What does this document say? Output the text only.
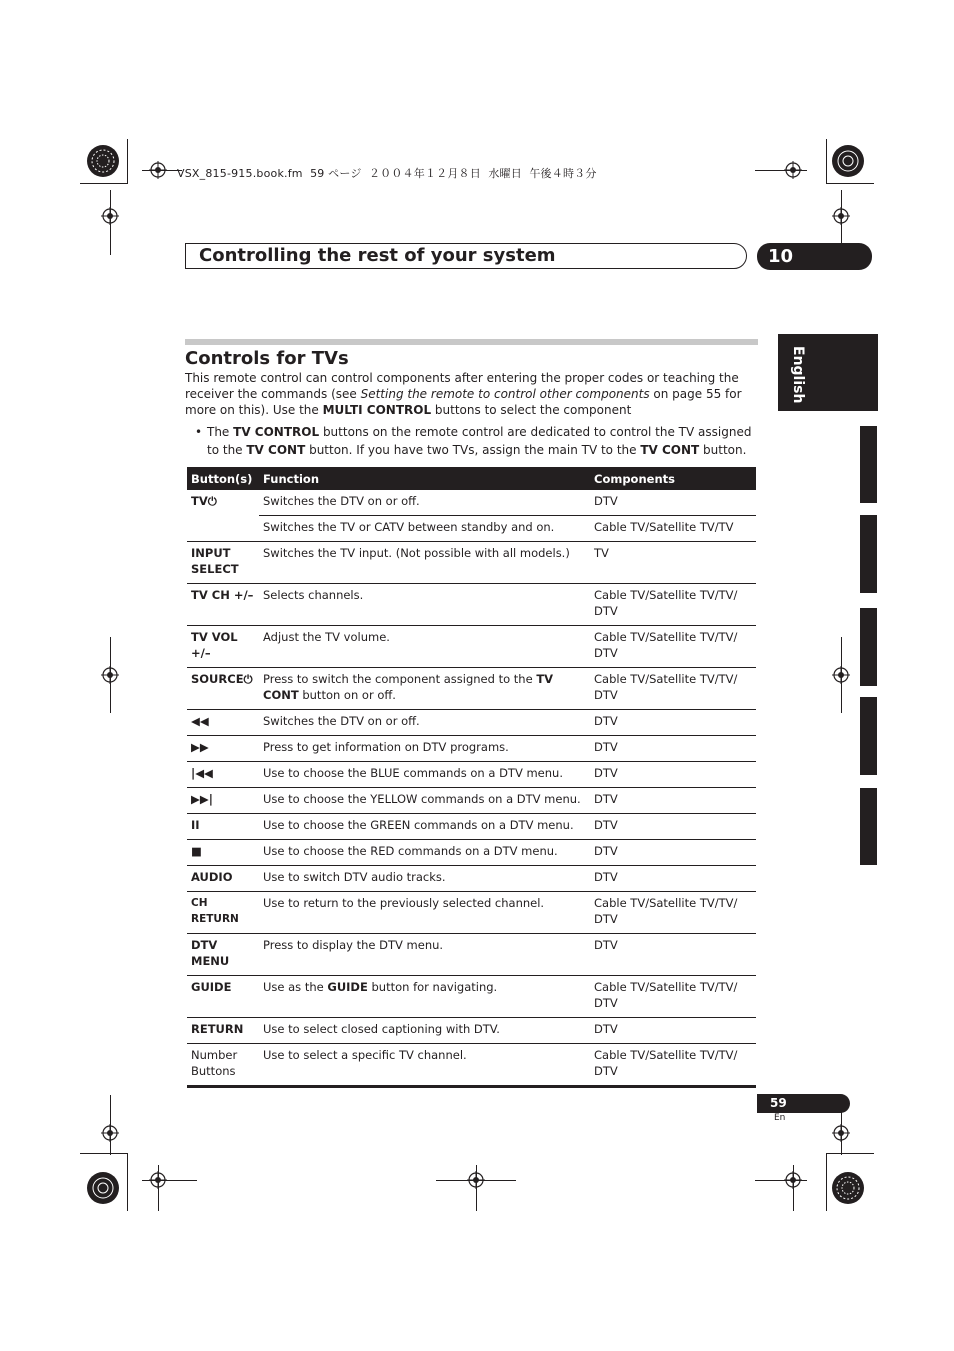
VSX_815-915.book.fm  59 ページ  ２００４年１２月８日  水曜日  午後４時３分
Controlling the rest of your system	10
English
Controls for TVs
This remote control can control components after entering the proper codes or teaching the receiver the commands (see Setting the remote to control other components on page 55 for more on this). Use the MULTI CONTROL buttons to select the component
• The TV CONTROL buttons on the remote control are dedicated to control the TV assigned to the TV CONT button. If you have two TVs, assign the main TV to the TV CONT button.
Button(s)	Function	Components
TV⏻	Switches the DTV on or off.	DTV
	Switches the TV or CATV between standby and on.	Cable TV/Satellite TV/TV
INPUT SELECT	Switches the TV input. (Not possible with all models.)	TV
TV CH +/–	Selects channels.	Cable TV/Satellite TV/TV/ DTV
TV VOL +/–	Adjust the TV volume.	Cable TV/Satellite TV/TV/ DTV
SOURCE⏻	Press to switch the component assigned to the TV CONT button on or off.	Cable TV/Satellite TV/TV/ DTV
◀◀	Switches the DTV on or off.	DTV
▶▶	Press to get information on DTV programs.	DTV
|◀◀	Use to choose the BLUE commands on a DTV menu.	DTV
▶▶|	Use to choose the YELLOW commands on a DTV menu.	DTV
II	Use to choose the GREEN commands on a DTV menu.	DTV
■	Use to choose the RED commands on a DTV menu.	DTV
AUDIO	Use to switch DTV audio tracks.	DTV
CH RETURN	Use to return to the previously selected channel.	Cable TV/Satellite TV/TV/ DTV
DTV MENU	Press to display the DTV menu.	DTV
GUIDE	Use as the GUIDE button for navigating.	Cable TV/Satellite TV/TV/ DTV
RETURN	Use to select closed captioning with DTV.	DTV
Number Buttons	Use to select a specific TV channel.	Cable TV/Satellite TV/TV/ DTV
59
En
